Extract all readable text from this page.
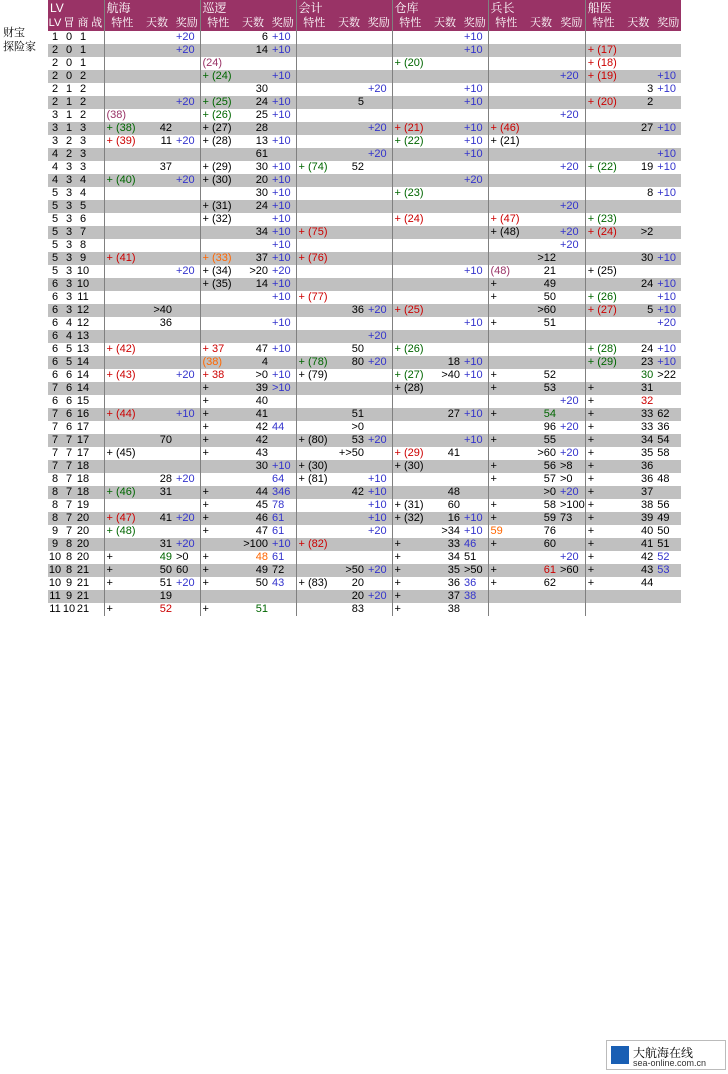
财宝
探险家
LV				航海			巡逻			会计			仓库			兵长			船医		
LV	冒	商	战	特性	天数	奖励	特性	天数	奖励	特性	天数	奖励	特性	天数	奖励	特性	天数	奖励	特性	天数	奖励
1	0	1				+20		6	+10						+10						
2	0	1				+20		14	+10						+10				+ (17)		
2	0	1					(24)						+ (20)						+ (18)		
2	0	2					+ (24)		+10									+20	+ (19)		+10
2	1	2						30				+20			+10					3	+10
2	1	2				+20	+ (25)	24	+10		5				+10				+ (20)	2	
3	1	2		(38)			+ (26)	25	+10									+20			
3	1	3		+ (38)	42		+ (27)	28				+20	+ (21)		+10	+ (46)				27	+10
3	2	3		+ (39)	11	+20	+ (28)	13	+10				+ (22)		+10	+ (21)					
4	2	3						61				+20			+10						+10
4	3	3			37		+ (29)	30	+10	+ (74)	52							+20	+ (22)	19	+10
4	3	4		+ (40)		+20	+ (30)	20	+10						+20						
5	3	4						30	+10				+ (23)							8	+10
5	3	5					+ (31)	24	+10									+20			
5	3	6					+ (32)		+10				+ (24)			+ (47)			+ (23)		
5	3	7						34	+10	+ (75)						+ (48)		+20	+ (24)	>2	
5	3	8							+10									+20			
5	3	9		+ (41)			+ (33)	37	+10	+ (76)							>12			30	+10
5	3	10				+20	+ (34)	>20	+20						+10	(48)	21		+ (25)		
6	3	10					+ (35)	14	+10							+	49			24	+10
6	3	11							+10	+ (77)						+	50		+ (26)		+10
6	3	12			>40						36	+20	+ (25)				>60		+ (27)	5	+10
6	4	12			36				+10						+10	+	51				+20
6	4	13										+20									
6	5	13		+ (42)			+ 37	47	+10		50		+ (26)						+ (28)	24	+10
6	5	14					(38)	4		+ (78)	80	+20		18	+10				+ (29)	23	+10
6	6	14		+ (43)		+20	+ 38	>0	+10	+ (79)			+ (27)	>40	+10	+	52			30	>22
7	6	14					+	39	>10				+ (28)			+	53		+	31	
6	6	15					+	40										+20	+	32	
7	6	16		+ (44)		+10	+	41			51			27	+10	+	54		+	33	62
7	6	17					+	42	44		>0						96	+20	+	33	36
7	7	17			70		+	42		+ (80)	53	+20			+10	+	55		+	34	54
7	7	17		+ (45)			+	43			+>50		+ (29)	41			>60	+20	+	35	58
7	7	18						30	+10	+ (30)			+ (30)			+	56	>8	+	36	
8	7	18			28	+20			64	+ (81)		+10				+	57	>0	+	36	48
8	7	18		+ (46)	31		+	44	346		42	+10		48			>0	+20	+	37	
8	7	19					+	45	78			+10	+ (31)	60		+	58	>100	+	38	56
8	7	20		+ (47)	41	+20	+	46	61			+10	+ (32)	16	+10	+	59	73	+	39	49
9	7	20		+ (48)			+	47	61			+20		>34	+10	59	76		+	40	50
9	8	20			31	+20		>100	+10	+ (82)			+	33	46	+	60		+	41	51
10	8	20		+	49	>0	+	48	61				+	34	51			+20	+	42	52
10	8	21		+	50	60	+	49	72		>50	+20	+	35	>50	+	61	>60	+	43	53
10	9	21		+	51	+20	+	50	43	+ (83)	20		+	36	36	+	62		+	44	
11	9	21			19						20	+20	+	37	38						
11	10	21		+	52		+	51			83		+	38							
大航海在线
sea-online.com.cn
